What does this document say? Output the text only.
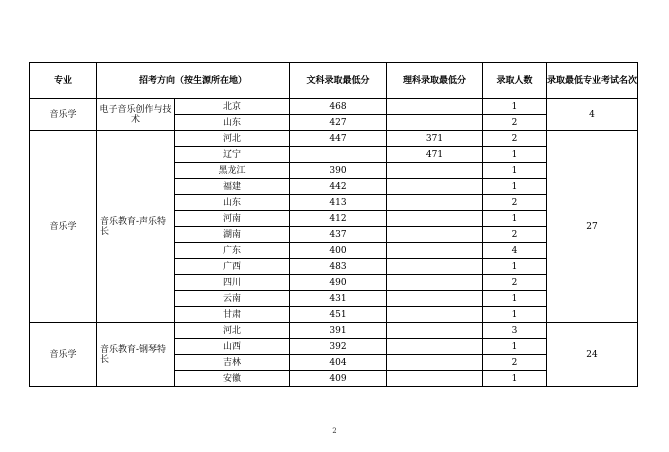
专业	招考方向（按生源所在地）		文科录取最低分	理科录取最低分	录取人数	录取最低专业考试名次
音乐学	电子音乐创作与技术	北京	468		1	4
		山东	427		2	
音乐学	音乐教育-声乐特长	河北	447	371	2	27
		辽宁		471	1	
		黑龙江	390		1	
		福建	442		1	
		山东	413		2	
		河南	412		1	
		湖南	437		2	
		广东	400		4	
		广西	483		1	
		四川	490		2	
		云南	431		1	
		甘肃	451		1	
音乐学	音乐教育-钢琴特长	河北	391		3	24
		山西	392		1	
		吉林	404		2	
		安徽	409		1	
2
